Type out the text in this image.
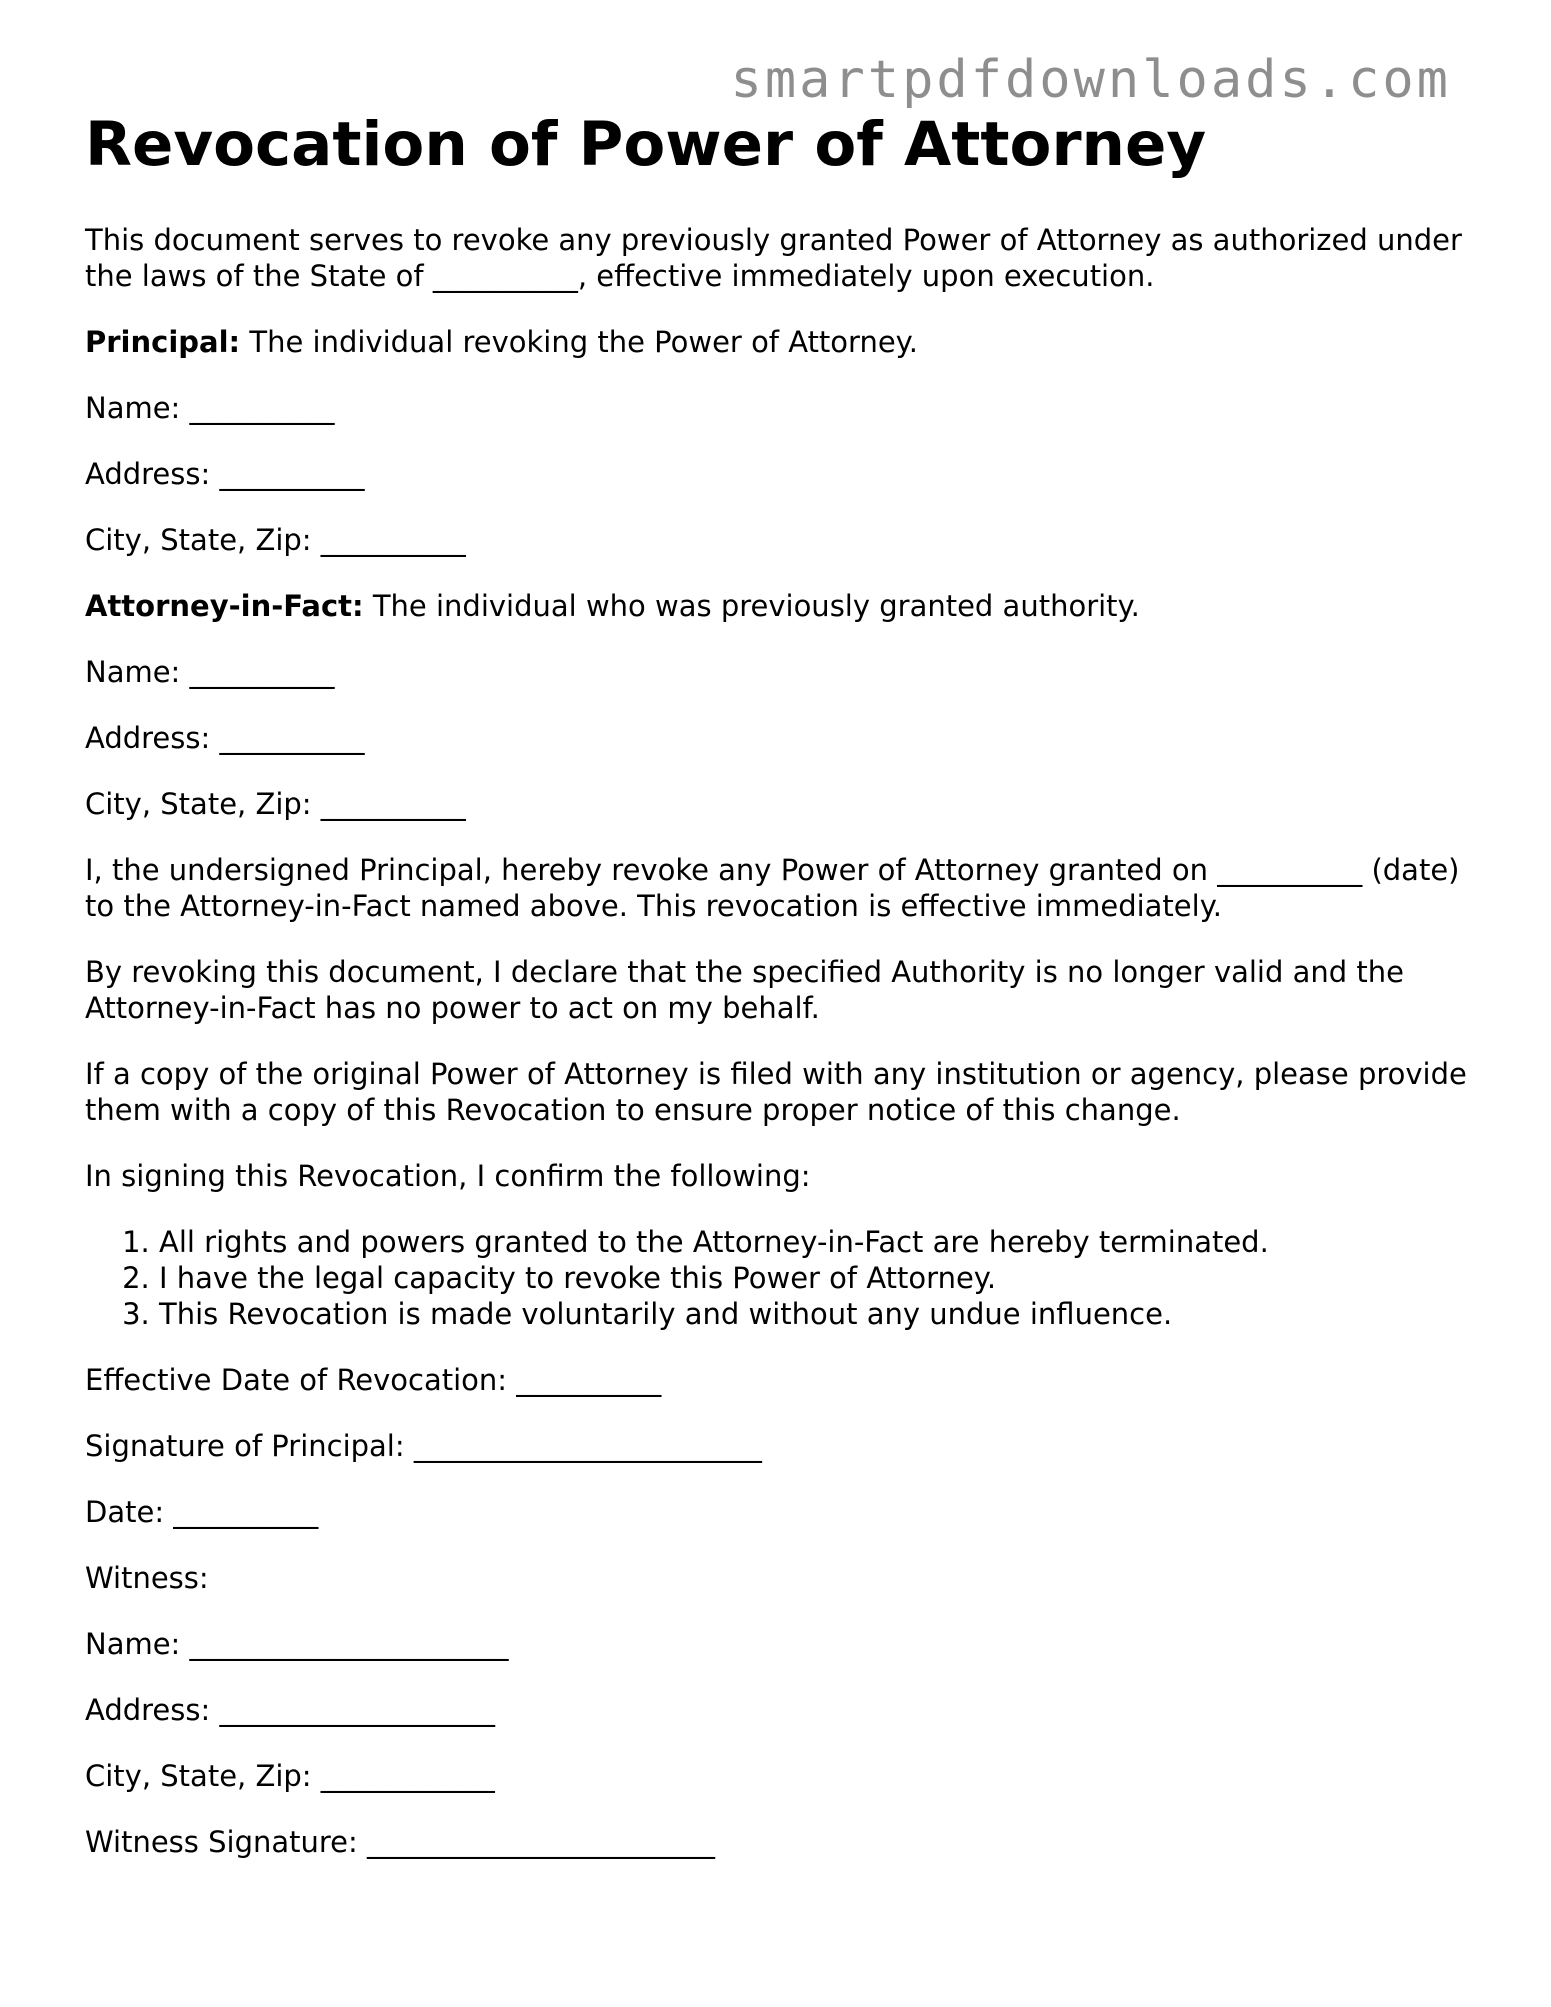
smartpdfdownloads.com
Revocation of Power of Attorney

This document serves to revoke any previously granted Power of Attorney as authorized under the laws of the State of __________, effective immediately upon execution.

Principal: The individual revoking the Power of Attorney.

Name: __________

Address: __________

City, State, Zip: __________

Attorney-in-Fact: The individual who was previously granted authority.

Name: __________

Address: __________

City, State, Zip: __________

I, the undersigned Principal, hereby revoke any Power of Attorney granted on __________ (date) to the Attorney-in-Fact named above. This revocation is effective immediately.

By revoking this document, I declare that the specified Authority is no longer valid and the Attorney-in-Fact has no power to act on my behalf.

If a copy of the original Power of Attorney is filed with any institution or agency, please provide them with a copy of this Revocation to ensure proper notice of this change.

In signing this Revocation, I confirm the following:

1. All rights and powers granted to the Attorney-in-Fact are hereby terminated.
2. I have the legal capacity to revoke this Power of Attorney.
3. This Revocation is made voluntarily and without any undue influence.

Effective Date of Revocation: __________

Signature of Principal: ________________________

Date: __________

Witness:

Name: ______________________

Address: ___________________

City, State, Zip: ____________

Witness Signature: ________________________
